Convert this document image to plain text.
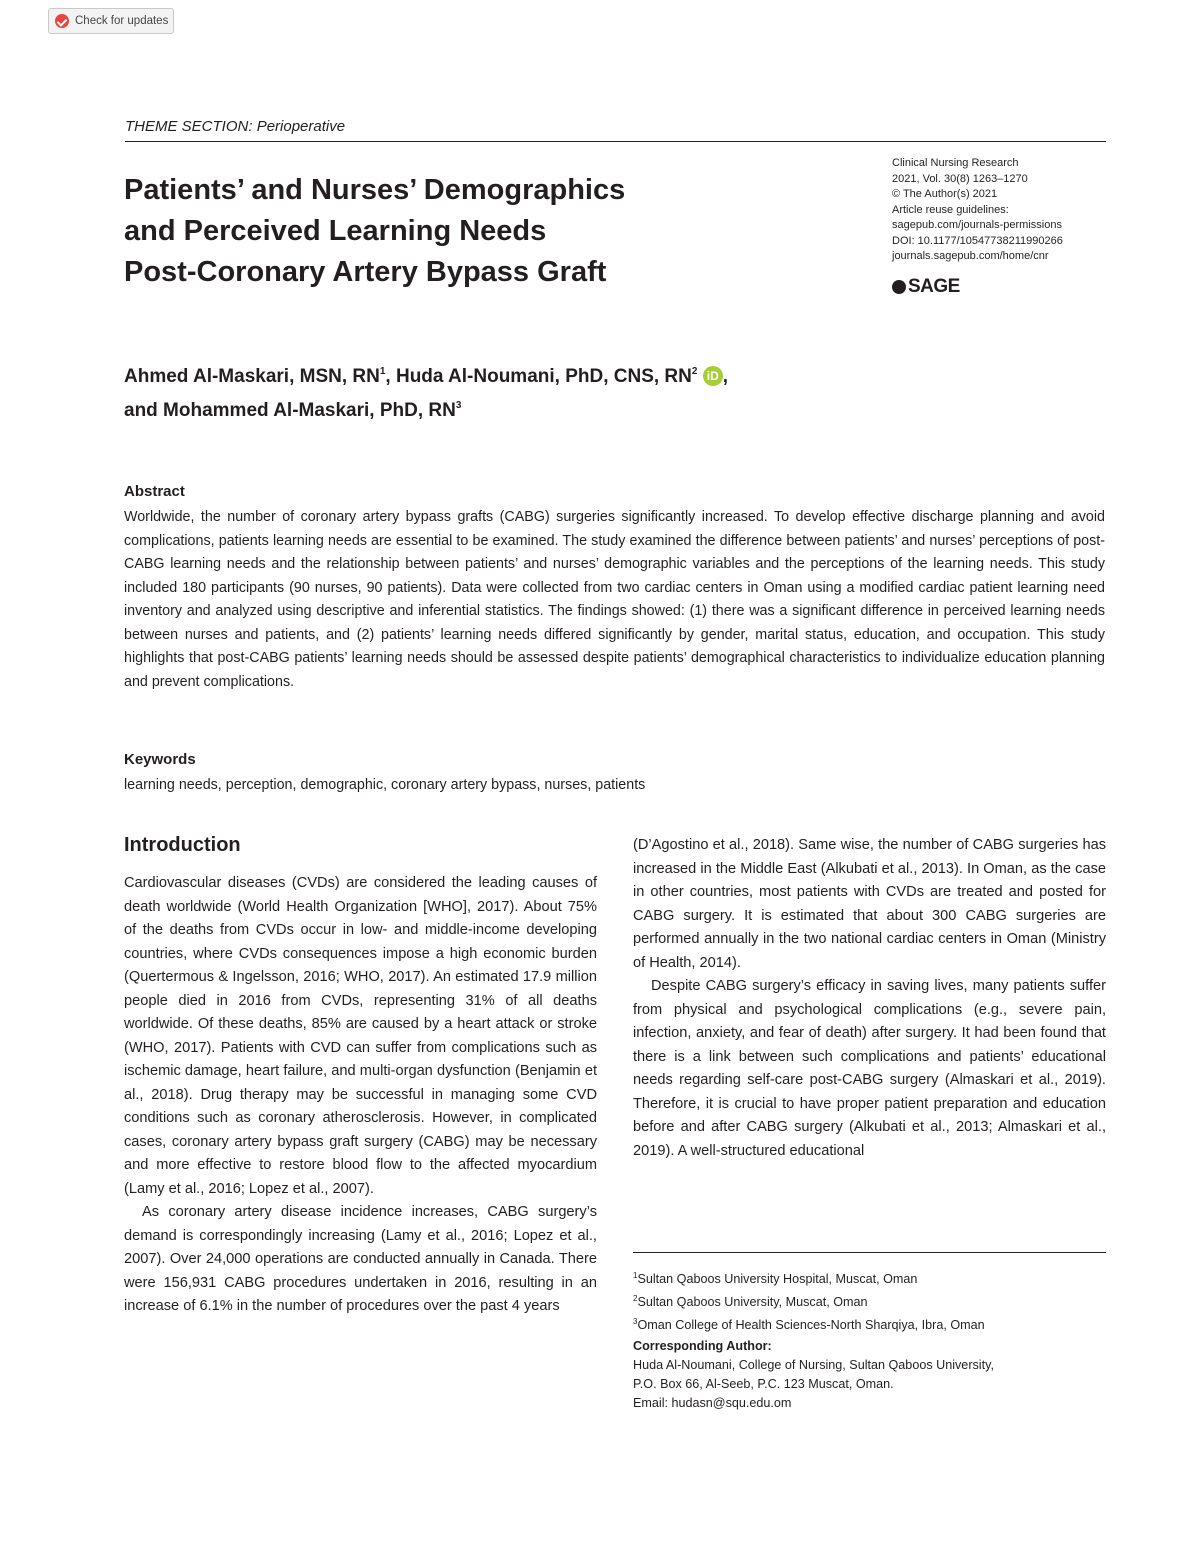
Check for updates
THEME SECTION: Perioperative
Patients’ and Nurses’ Demographics
and Perceived Learning Needs
Post-Coronary Artery Bypass Graft
Clinical Nursing Research
2021, Vol. 30(8) 1263–1270
© The Author(s) 2021
Article reuse guidelines:
sagepub.com/journals-permissions
DOI: 10.1177/10547738211990266
journals.sagepub.com/home/cnr
SAGE
Ahmed Al-Maskari, MSN, $RN^1$, Huda Al-Noumani, PhD, CNS, $RN^2$ iD ,
and Mohammed Al-Maskari, PhD, $RN^3$
Abstract
Worldwide, the number of coronary artery bypass grafts (CABG) surgeries significantly increased. To develop effective discharge planning and avoid complications, patients learning needs are essential to be examined. The study examined the difference between patients’ and nurses’ perceptions of post-CABG learning needs and the relationship between patients’ and nurses’ demographic variables and the perceptions of the learning needs. This study included 180 participants (90 nurses, 90 patients). Data were collected from two cardiac centers in Oman using a modified cardiac patient learning need inventory and analyzed using descriptive and inferential statistics. The findings showed: (1) there was a significant difference in perceived learning needs between nurses and patients, and (2) patients’ learning needs differed significantly by gender, marital status, education, and occupation. This study highlights that post-CABG patients’ learning needs should be assessed despite patients’ demographical characteristics to individualize education planning and prevent complications.
Keywords
learning needs, perception, demographic, coronary artery bypass, nurses, patients
Introduction

Cardiovascular diseases (CVDs) are considered the leading causes of death worldwide (World Health Organization [WHO], 2017). About 75% of the deaths from CVDs occur in low- and middle-income developing countries, where CVDs consequences impose a high economic burden (Quertermous & Ingelsson, 2016; WHO, 2017). An estimated 17.9 million people died in 2016 from CVDs, representing 31% of all deaths worldwide. Of these deaths, 85% are caused by a heart attack or stroke (WHO, 2017). Patients with CVD can suffer from complications such as ischemic damage, heart failure, and multi-organ dysfunction (Benjamin et al., 2018). Drug therapy may be successful in managing some CVD conditions such as coronary atherosclerosis. However, in complicated cases, coronary artery bypass graft surgery (CABG) may be necessary and more effective to restore blood flow to the affected myocardium (Lamy et al., 2016; Lopez et al., 2007).

As coronary artery disease incidence increases, CABG surgery’s demand is correspondingly increasing (Lamy et al., 2016; Lopez et al., 2007). Over 24,000 operations are conducted annually in Canada. There were 156,931 CABG procedures undertaken in 2016, resulting in an increase of 6.1% in the number of procedures over the past 4 years

(D’Agostino et al., 2018). Same wise, the number of CABG surgeries has increased in the Middle East (Alkubati et al., 2013). In Oman, as the case in other countries, most patients with CVDs are treated and posted for CABG surgery. It is estimated that about 300 CABG surgeries are performed annually in the two national cardiac centers in Oman (Ministry of Health, 2014).

Despite CABG surgery’s efficacy in saving lives, many patients suffer from physical and psychological complications (e.g., severe pain, infection, anxiety, and fear of death) after surgery. It had been found that there is a link between such complications and patients’ educational needs regarding self-care post-CABG surgery (Almaskari et al., 2019). Therefore, it is crucial to have proper patient preparation and education before and after CABG surgery (Alkubati et al., 2013; Almaskari et al., 2019). A well-structured educational

$^1$Sultan Qaboos University Hospital, Muscat, Oman
$^2$Sultan Qaboos University, Muscat, Oman
$^3$Oman College of Health Sciences-North Sharqiya, Ibra, Oman
Corresponding Author:
Huda Al-Noumani, College of Nursing, Sultan Qaboos University,
P.O. Box 66, Al-Seeb, P.C. 123 Muscat, Oman.
Email: hudasn@squ.edu.om
